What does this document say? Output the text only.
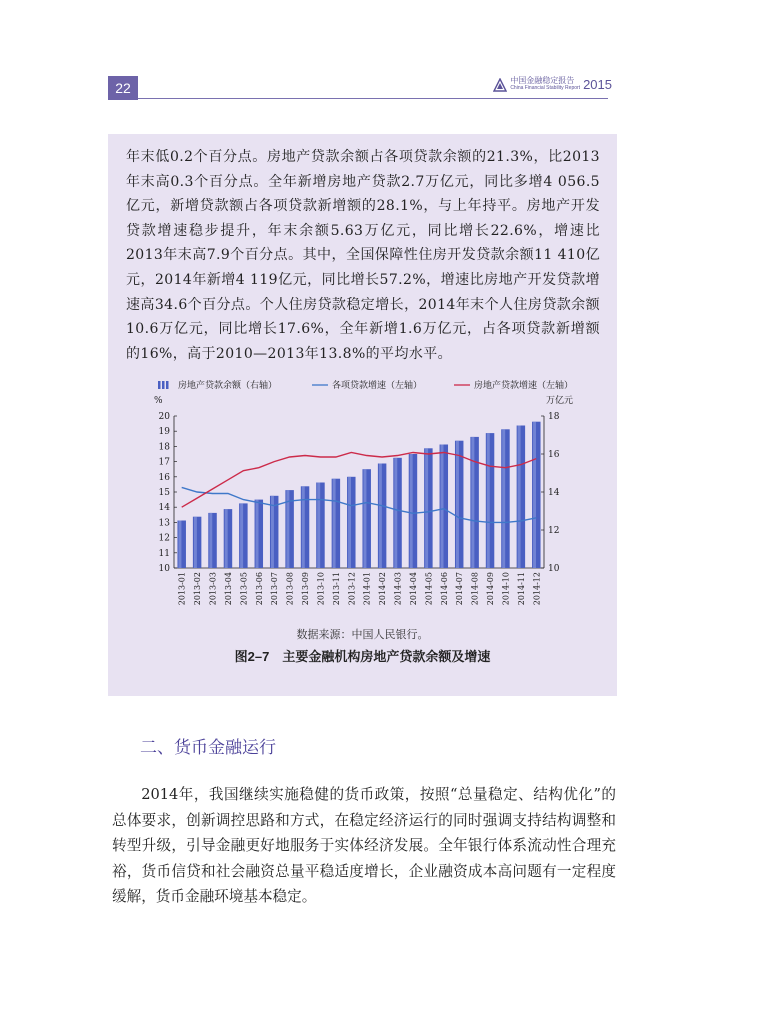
22	中国金融稳定报告
China Financial Stability Report 2015
年末低0.2个百分点。房地产贷款余额占各项贷款余额的21.3%，比2013年末高0.3个百分点。全年新增房地产贷款2.7万亿元，同比多增4 056.5亿元，新增贷款额占各项贷款新增额的28.1%，与上年持平。房地产开发贷款增速稳步提升，年末余额5.63万亿元，同比增长22.6%，增速比2013年末高7.9个百分点。其中，全国保障性住房开发贷款余额11 410亿元，2014年新增4 119亿元，同比增长57.2%，增速比房地产开发贷款增速高34.6个百分点。个人住房贷款稳定增长，2014年末个人住房贷款余额10.6万亿元，同比增长17.6%，全年新增1.6万亿元，占各项贷款新增额的16%，高于2010—2013年13.8%的平均水平。
房地产贷款余额（右轴）	各项贷款增速（左轴）	房地产贷款增速（左轴）
%	万亿元
10
11
12
13
14
15
16
17
18
19
20
10
12
14
16
18
2013-01 2013-02 2013-03 2013-04 2013-05 2013-06 2013-07 2013-08 2013-09 2013-10 2013-11 2013-12 2014-01 2014-02 2014-03 2014-04 2014-05 2014-06 2014-07 2014-08 2014-09 2014-10 2014-11 2014-12
数据来源：中国人民银行。
图2–7　主要金融机构房地产贷款余额及增速
二、货币金融运行

2014年，我国继续实施稳健的货币政策，按照“总量稳定、结构优化”的总体要求，创新调控思路和方式，在稳定经济运行的同时强调支持结构调整和转型升级，引导金融更好地服务于实体经济发展。全年银行体系流动性合理充裕，货币信贷和社会融资总量平稳适度增长，企业融资成本高问题有一定程度缓解，货币金融环境基本稳定。
